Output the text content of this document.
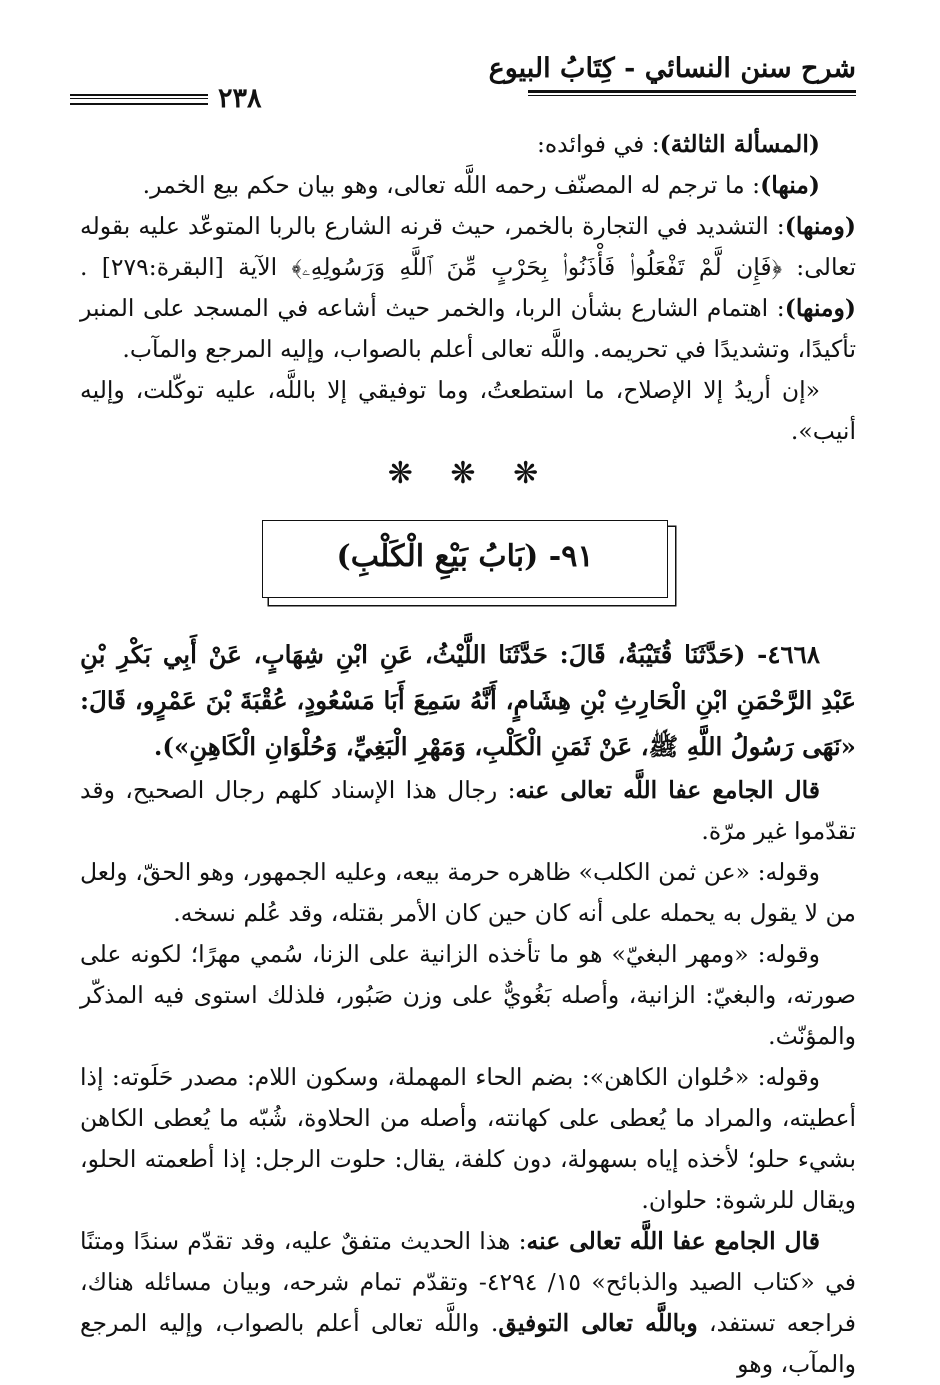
شرح سنن النسائي - كِتَابُ البيوع
٢٣٨

(المسألة الثالثة): في فوائده:

(منها): ما ترجم له المصنّف رحمه اللَّه تعالى، وهو بيان حكم بيع الخمر.

(ومنها): التشديد في التجارة بالخمر، حيث قرنه الشارع بالربا المتوعّد عليه بقوله تعالى: ﴿فَإِن لَّمْ تَفْعَلُوا۟ فَأْذَنُوا۟ بِحَرْبٍ مِّنَ ٱللَّهِ وَرَسُولِهِۦ﴾ الآية [البقرة:٢٧٩] . (ومنها): اهتمام الشارع بشأن الربا، والخمر حيث أشاعه في المسجد على المنبر تأكيدًا، وتشديدًا في تحريمه. واللَّه تعالى أعلم بالصواب، وإليه المرجع والمآب.

«إن أريدُ إلا الإصلاح، ما استطعتُ، وما توفيقي إلا باللَّه، عليه توكّلت، وإليه أنيب».

❋ ❋ ❋
٩١- (بَابُ بَيْعِ الْكَلْبِ)

٤٦٦٨- (حَدَّثَنَا قُتَيْبَةُ، قَالَ: حَدَّثَنَا اللَّيْثُ، عَنِ ابْنِ شِهَابٍ، عَنْ أَبِي بَكْرِ بْنِ عَبْدِ الرَّحْمَنِ ابْنِ الْحَارِثِ بْنِ هِشَامٍ، أَنَّهُ سَمِعَ أَبَا مَسْعُودٍ، عُقْبَةَ بْنَ عَمْرٍو، قَالَ: «نَهَى رَسُولُ اللَّهِ ﷺ، عَنْ ثَمَنِ الْكَلْبِ، وَمَهْرِ الْبَغِيِّ، وَحُلْوَانِ الْكَاهِنِ»).

قال الجامع عفا اللَّه تعالى عنه: رجال هذا الإسناد كلهم رجال الصحيح، وقد تقدّموا غير مرّة.

وقوله: «عن ثمن الكلب» ظاهره حرمة بيعه، وعليه الجمهور، وهو الحقّ، ولعل من لا يقول به يحمله على أنه كان حين كان الأمر بقتله، وقد عُلم نسخه.

وقوله: «ومهر البغيّ» هو ما تأخذه الزانية على الزنا، سُمي مهرًا؛ لكونه على صورته، والبغيّ: الزانية، وأصله بَغُويٌّ على وزن صَبُور، فلذلك استوى فيه المذكّر والمؤنّث.

وقوله: «حُلوان الكاهن»: بضم الحاء المهملة، وسكون اللام: مصدر حَلَوته: إذا أعطيته، والمراد ما يُعطى على كهانته، وأصله من الحلاوة، شُبّه ما يُعطى الكاهن بشيء حلو؛ لأخذه إياه بسهولة، دون كلفة، يقال: حلوت الرجل: إذا أطعمته الحلو، ويقال للرشوة: حلوان.

قال الجامع عفا اللَّه تعالى عنه: هذا الحديث متفقٌ عليه، وقد تقدّم سندًا ومتنًا في «كتاب الصيد والذبائح» ١٥/ ٤٢٩٤- وتقدّم تمام شرحه، وبيان مسائله هناك، فراجعه تستفد، وباللَّه تعالى التوفيق. واللَّه تعالى أعلم بالصواب، وإليه المرجع والمآب، وهو
